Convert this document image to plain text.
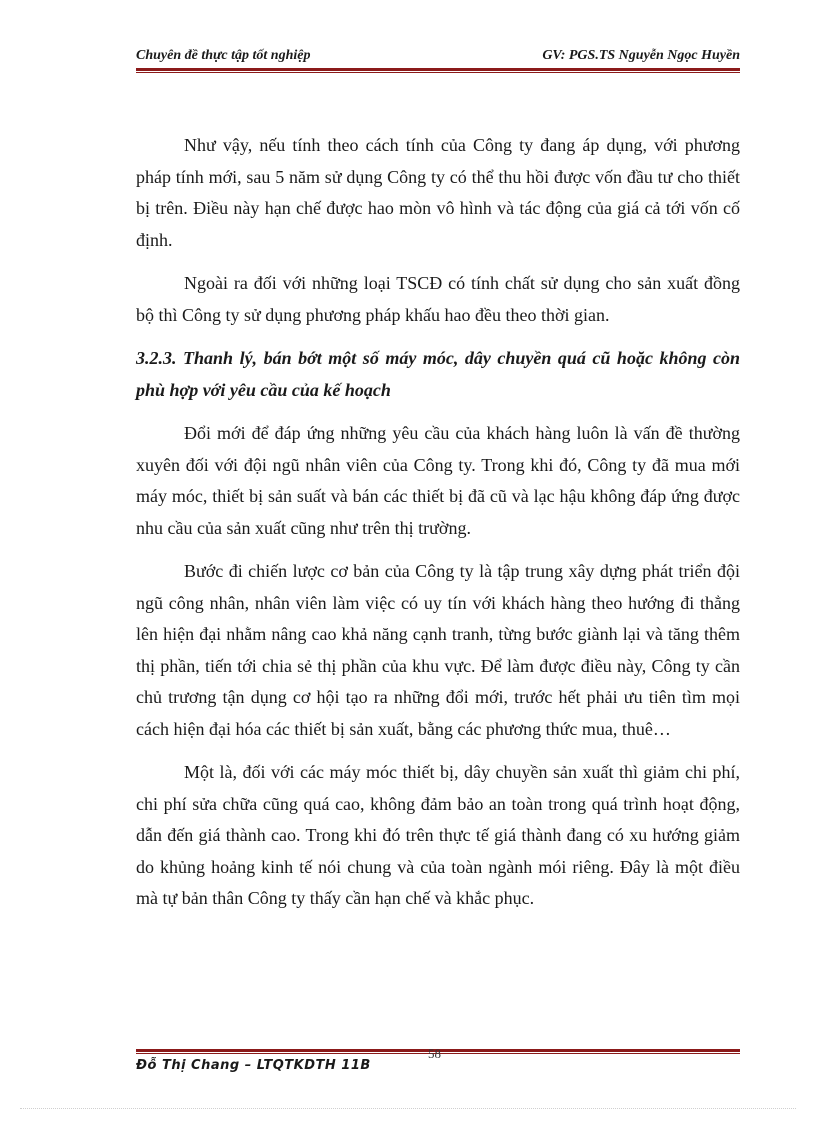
Chuyên đề thực tập tốt nghiệp	GV: PGS.TS Nguyễn Ngọc Huyền

Như vậy, nếu tính theo cách tính của Công ty đang áp dụng, với phương pháp tính mới, sau 5 năm sử dụng Công ty có thể thu hồi được vốn đầu tư cho thiết bị trên. Điều này hạn chế được hao mòn vô hình và tác động của giá cả tới vốn cố định.

Ngoài ra đối với những loại TSCĐ có tính chất sử dụng cho sản xuất đồng bộ thì Công ty sử dụng phương pháp khấu hao đều theo thời gian.

3.2.3. Thanh lý, bán bớt một số máy móc, dây chuyền quá cũ hoặc không còn phù hợp với yêu cầu của kế hoạch

Đổi mới để đáp ứng những yêu cầu của khách hàng luôn là vấn đề thường xuyên đối với đội ngũ nhân viên của Công ty. Trong khi đó, Công ty đã mua mới máy móc, thiết bị sản suất và bán các thiết bị đã cũ và lạc hậu không đáp ứng được nhu cầu của sản xuất cũng như trên thị trường.

Bước đi chiến lược cơ bản của Công ty là tập trung xây dựng phát triển đội ngũ công nhân, nhân viên làm việc có uy tín với khách hàng theo hướng đi thẳng lên hiện đại nhằm nâng cao khả năng cạnh tranh, từng bước giành lại và tăng thêm thị phần, tiến tới chia sẻ thị phần của khu vực. Để làm được điều này, Công ty cần chủ trương tận dụng cơ hội tạo ra những đổi mới, trước hết phải ưu tiên tìm mọi cách hiện đại hóa các thiết bị sản xuất, bằng các phương thức mua, thuê…

Một là, đối với các máy móc thiết bị, dây chuyền sản xuất thì giảm chi phí, chi phí sửa chữa cũng quá cao, không đảm bảo an toàn trong quá trình hoạt động, dẫn đến giá thành cao. Trong khi đó trên thực tế giá thành đang có xu hướng giảm do khủng hoảng kinh tế nói chung và của toàn ngành mói riêng. Đây là một điều mà tự bản thân Công ty thấy cần hạn chế và khắc phục.

58
Đỗ Thị Chang – LTQTKDTH 11B
